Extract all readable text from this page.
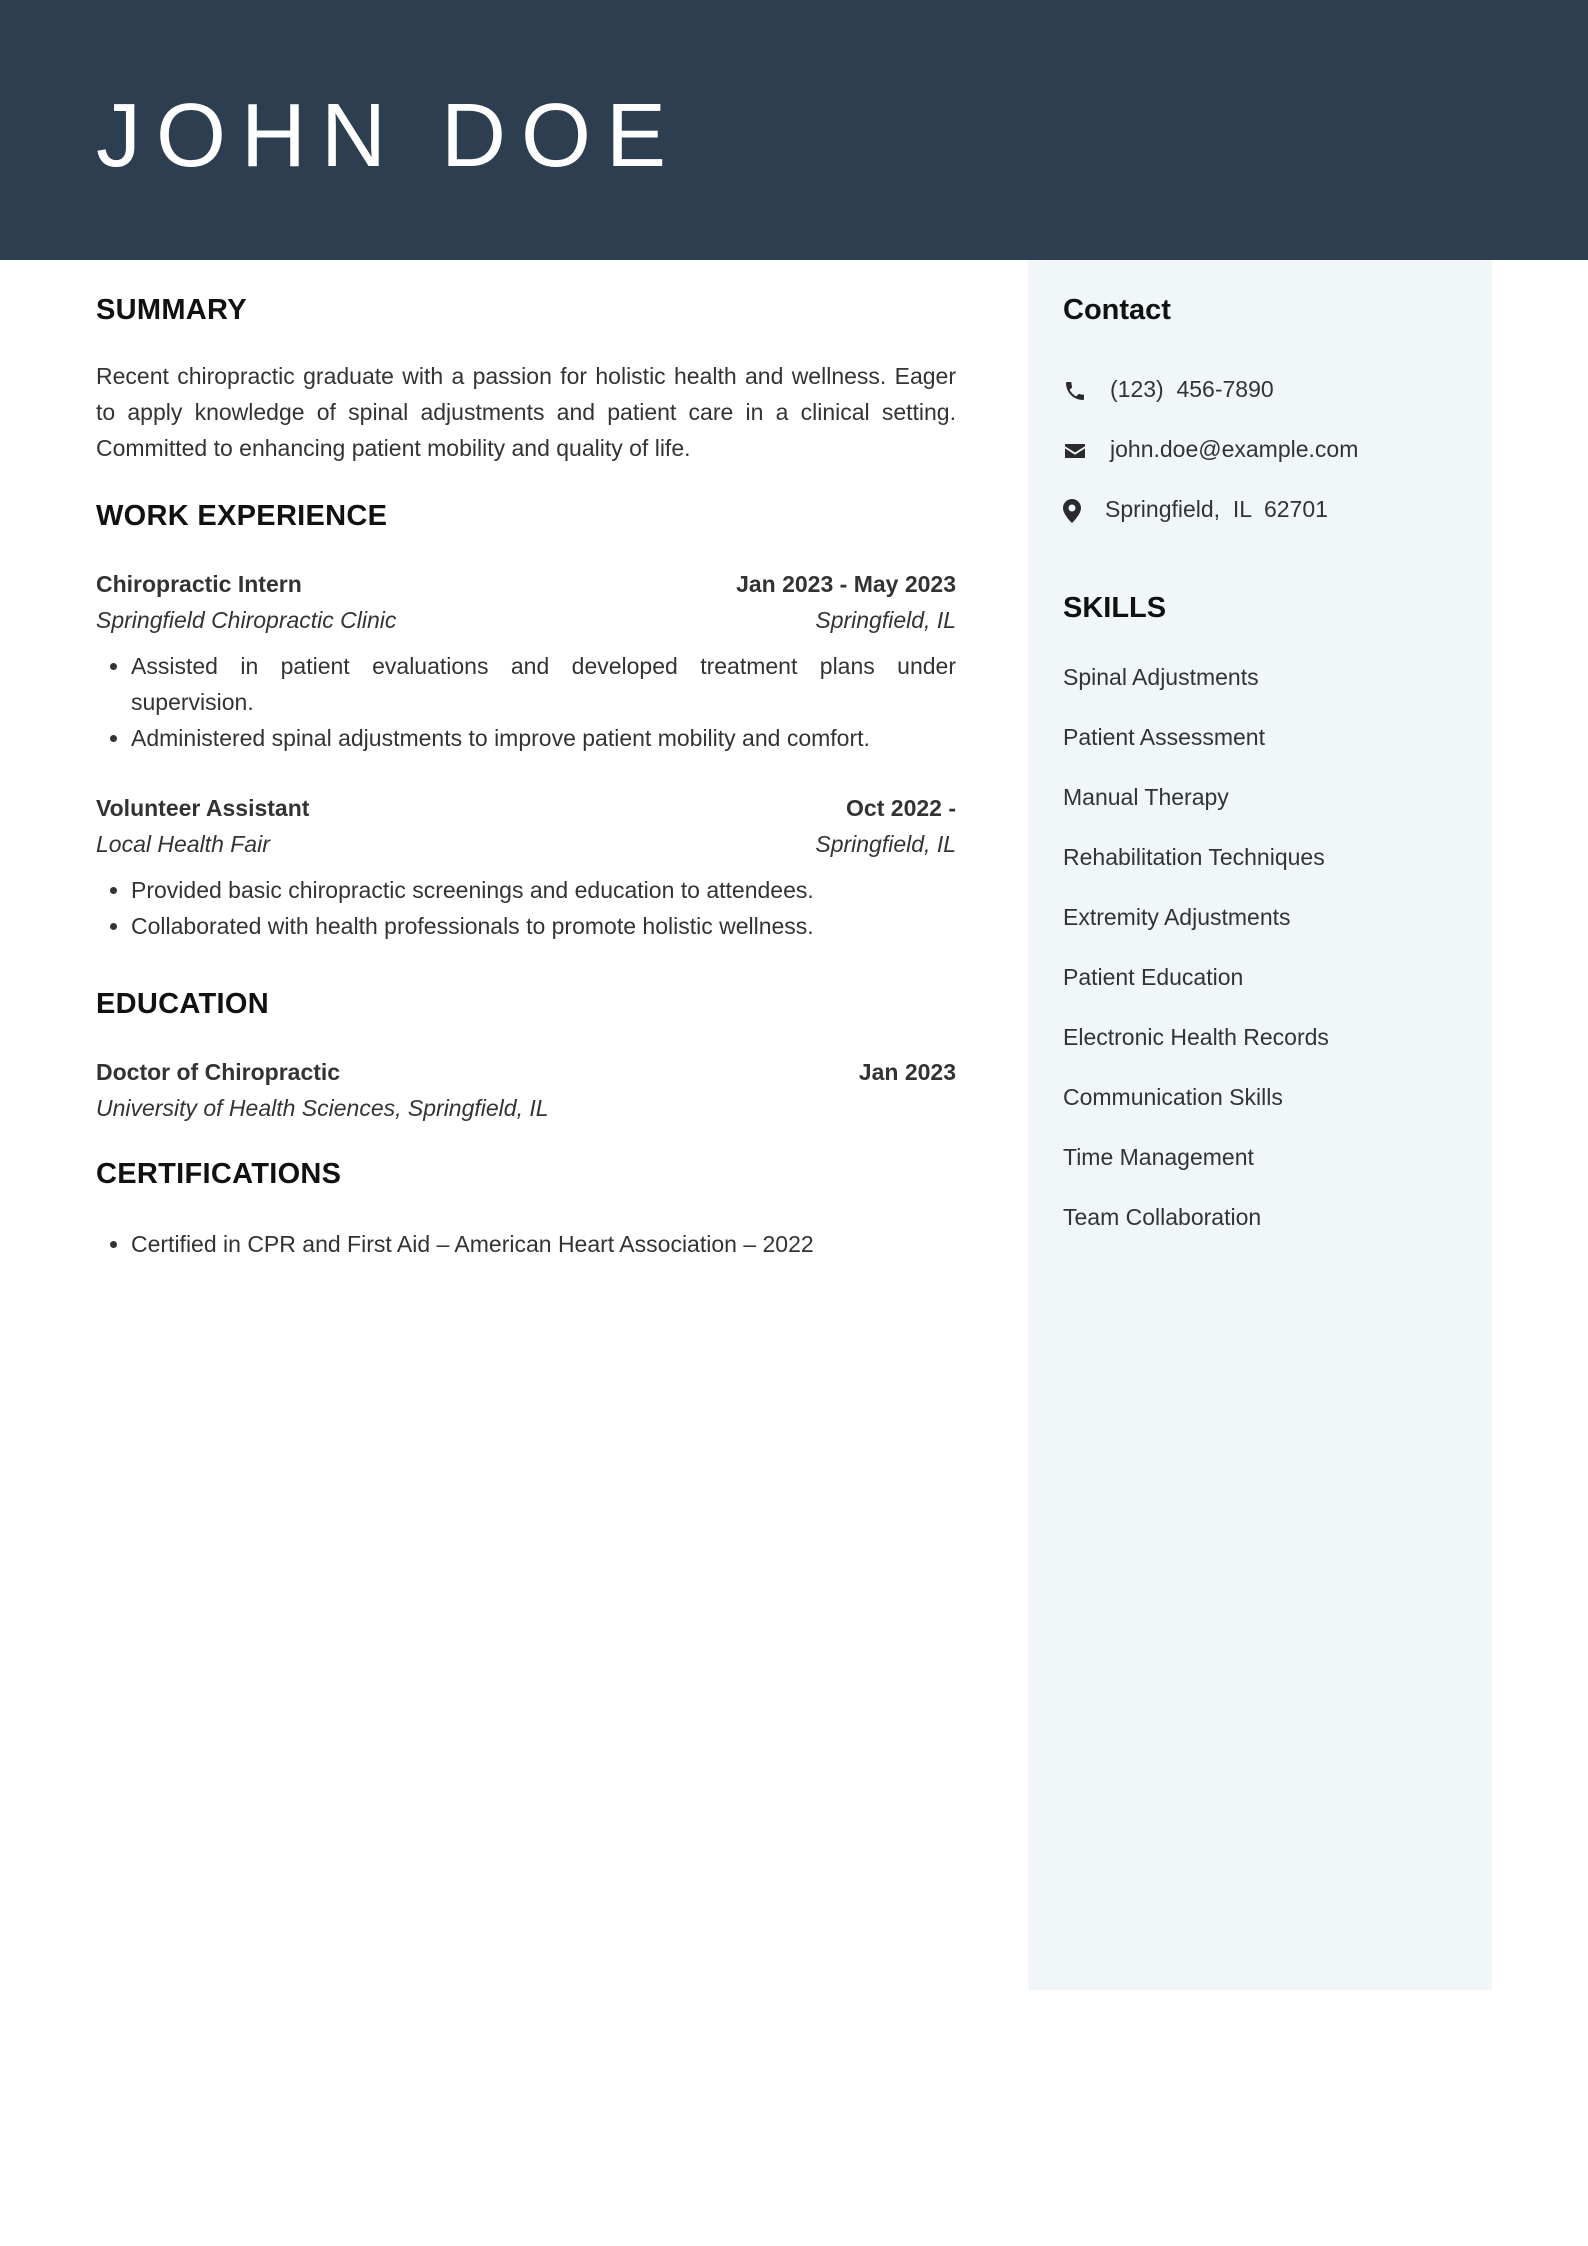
JOHN DOE
SUMMARY

Recent chiropractic graduate with a passion for holistic health and wellness. Eager to apply knowledge of spinal adjustments and patient care in a clinical setting. Committed to enhancing patient mobility and quality of life.

WORK EXPERIENCE
Chiropractic Intern	Jan 2023 - May 2023
Springfield Chiropractic Clinic	Springfield, IL
• Assisted in patient evaluations and developed treatment plans under supervision.
• Administered spinal adjustments to improve patient mobility and comfort.
Volunteer Assistant	Oct 2022 -
Local Health Fair	Springfield, IL
• Provided basic chiropractic screenings and education to attendees.
• Collaborated with health professionals to promote holistic wellness.
EDUCATION
Doctor of Chiropractic	Jan 2023
University of Health Sciences, Springfield, IL
CERTIFICATIONS
• Certified in CPR and First Aid – American Heart Association – 2022
Contact
(123)  456-7890
john.doe@example.com
Springfield,  IL  62701
SKILLS
Spinal Adjustments
Patient Assessment
Manual Therapy
Rehabilitation Techniques
Extremity Adjustments
Patient Education
Electronic Health Records
Communication Skills
Time Management
Team Collaboration
